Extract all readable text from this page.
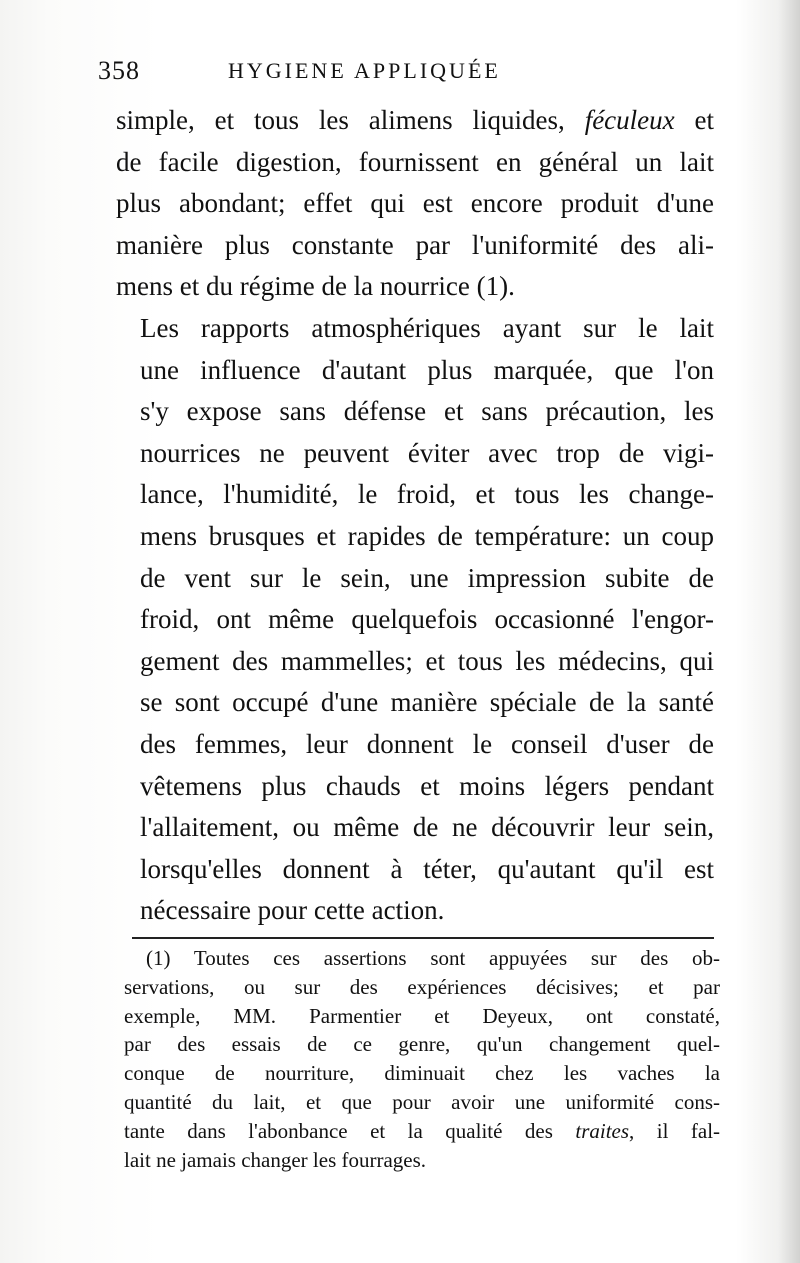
358	HYGIENE APPLIQUÉE

simple, et tous les alimens liquides, féculeux et
de facile digestion, fournissent en général un lait
plus abondant; effet qui est encore produit d'une
manière plus constante par l'uniformité des ali-
mens et du régime de la nourrice (1).

Les rapports atmosphériques ayant sur le lait
une influence d'autant plus marquée, que l'on
s'y expose sans défense et sans précaution, les
nourrices ne peuvent éviter avec trop de vigi-
lance, l'humidité, le froid, et tous les change-
mens brusques et rapides de température: un coup
de vent sur le sein, une impression subite de
froid, ont même quelquefois occasionné l'engor-
gement des mammelles; et tous les médecins, qui
se sont occupé d'une manière spéciale de la santé
des femmes, leur donnent le conseil d'user de
vêtemens plus chauds et moins légers pendant
l'allaitement, ou même de ne découvrir leur sein,
lorsqu'elles donnent à téter, qu'autant qu'il est
nécessaire pour cette action.

(1) Toutes ces assertions sont appuyées sur des ob-
servations, ou sur des expériences décisives; et par
exemple, MM. Parmentier et Deyeux, ont constaté,
par des essais de ce genre, qu'un changement quel-
conque de nourriture, diminuait chez les vaches la
quantité du lait, et que pour avoir une uniformité cons-
tante dans l'abonbance et la qualité des traites, il fal-
lait ne jamais changer les fourrages.
